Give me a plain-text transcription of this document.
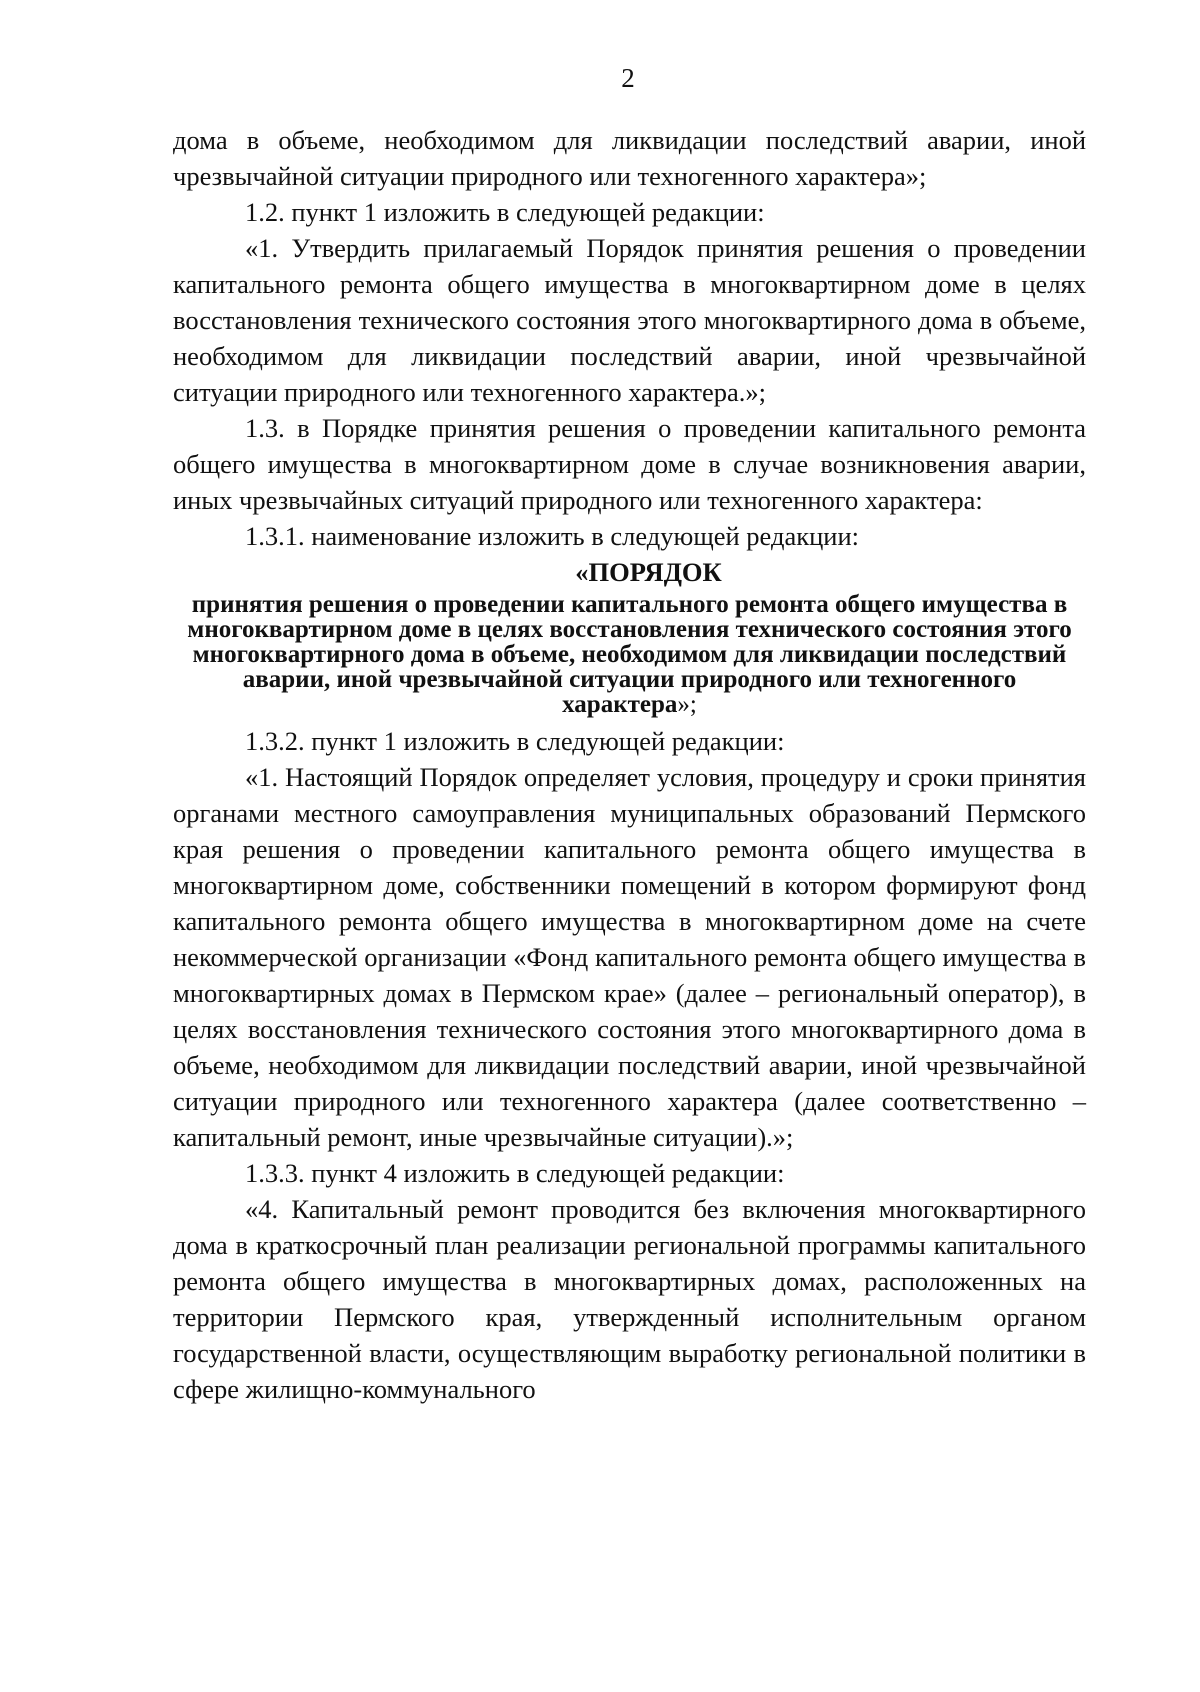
2

дома в объеме, необходимом для ликвидации последствий аварии, иной чрезвычайной ситуации природного или техногенного характера»;

1.2. пункт 1 изложить в следующей редакции:

«1. Утвердить прилагаемый Порядок принятия решения о проведении капитального ремонта общего имущества в многоквартирном доме в целях восстановления технического состояния этого многоквартирного дома в объеме, необходимом для ликвидации последствий аварии, иной чрезвычайной ситуации природного или техногенного характера.»;

1.3. в Порядке принятия решения о проведении капитального ремонта общего имущества в многоквартирном доме в случае возникновения аварии, иных чрезвычайных ситуаций природного или техногенного характера:

1.3.1. наименование изложить в следующей редакции:

«ПОРЯДОК
принятия решения о проведении капитального ремонта общего имущества в многоквартирном доме в целях восстановления технического состояния этого многоквартирного дома в объеме, необходимом для ликвидации последствий аварии, иной чрезвычайной ситуации природного или техногенного характера»;

1.3.2. пункт 1 изложить в следующей редакции:

«1. Настоящий Порядок определяет условия, процедуру и сроки принятия органами местного самоуправления муниципальных образований Пермского края решения о проведении капитального ремонта общего имущества в многоквартирном доме, собственники помещений в котором формируют фонд капитального ремонта общего имущества в многоквартирном доме на счете некоммерческой организации «Фонд капитального ремонта общего имущества в многоквартирных домах в Пермском крае» (далее – региональный оператор), в целях восстановления технического состояния этого многоквартирного дома в объеме, необходимом для ликвидации последствий аварии, иной чрезвычайной ситуации природного или техногенного характера (далее соответственно – капитальный ремонт, иные чрезвычайные ситуации).»;

1.3.3. пункт 4 изложить в следующей редакции:

«4. Капитальный ремонт проводится без включения многоквартирного дома в краткосрочный план реализации региональной программы капитального ремонта общего имущества в многоквартирных домах, расположенных на территории Пермского края, утвержденный исполнительным органом государственной власти, осуществляющим выработку региональной политики в сфере жилищно-коммунального
